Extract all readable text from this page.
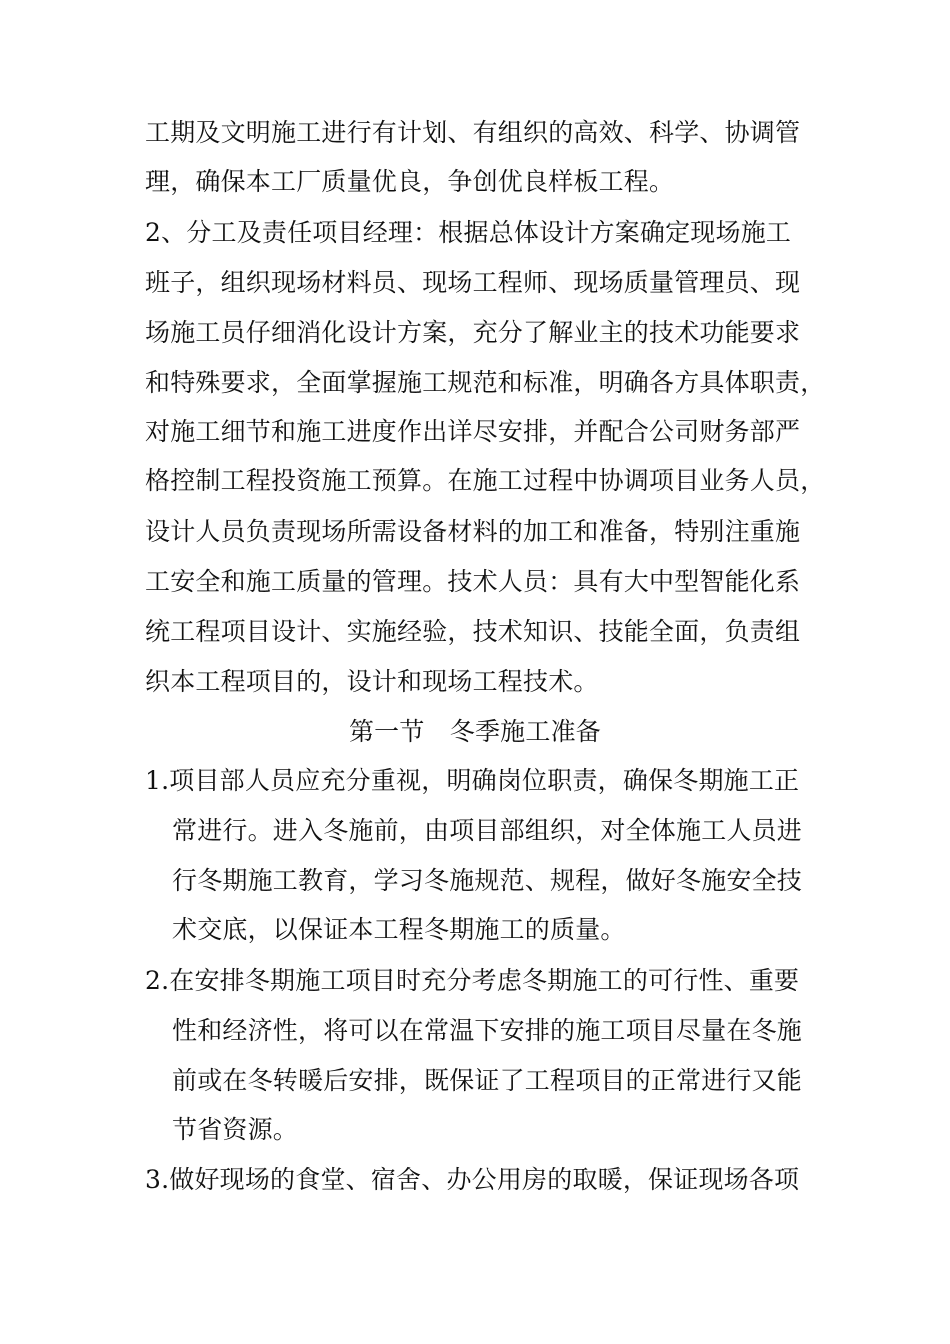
工期及文明施工进行有计划、有组织的高效、科学、协调管
理，确保本工厂质量优良，争创优良样板工程。
2、分工及责任项目经理：根据总体设计方案确定现场施工
班子，组织现场材料员、现场工程师、现场质量管理员、现
场施工员仔细消化设计方案，充分了解业主的技术功能要求
和特殊要求，全面掌握施工规范和标准，明确各方具体职责，
对施工细节和施工进度作出详尽安排，并配合公司财务部严
格控制工程投资施工预算。在施工过程中协调项目业务人员，
设计人员负责现场所需设备材料的加工和准备，特别注重施
工安全和施工质量的管理。技术人员：具有大中型智能化系
统工程项目设计、实施经验，技术知识、技能全面，负责组
织本工程项目的，设计和现场工程技术。
第一节　冬季施工准备
1.项目部人员应充分重视，明确岗位职责，确保冬期施工正
常进行。进入冬施前，由项目部组织，对全体施工人员进
行冬期施工教育，学习冬施规范、规程，做好冬施安全技
术交底，以保证本工程冬期施工的质量。
2.在安排冬期施工项目时充分考虑冬期施工的可行性、重要
性和经济性，将可以在常温下安排的施工项目尽量在冬施
前或在冬转暖后安排，既保证了工程项目的正常进行又能
节省资源。
3.做好现场的食堂、宿舍、办公用房的取暖，保证现场各项
